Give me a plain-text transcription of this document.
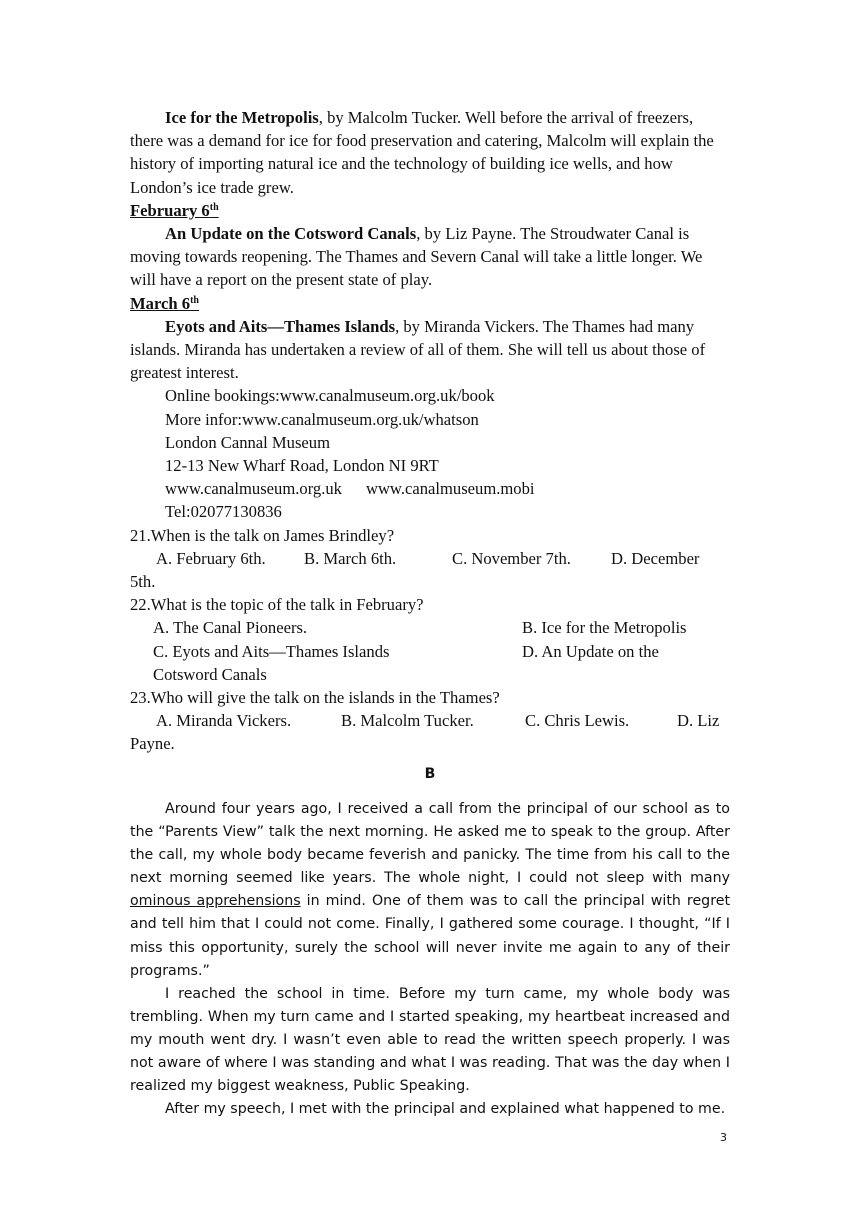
Ice for the Metropolis, by Malcolm Tucker. Well before the arrival of freezers, there was a demand for ice for food preservation and catering, Malcolm will explain the history of importing natural ice and the technology of building ice wells, and how London’s ice trade grew.

February 6th

An Update on the Cotsword Canals, by Liz Payne. The Stroudwater Canal is moving towards reopening. The Thames and Severn Canal will take a little longer. We will have a report on the present state of play.

March 6th

Eyots and Aits—Thames Islands, by Miranda Vickers. The Thames had many islands. Miranda has undertaken a review of all of them. She will tell us about those of greatest interest.

Online bookings:www.canalmuseum.org.uk/book

More infor:www.canalmuseum.org.uk/whatson

London Cannal Museum

12-13 New Wharf Road, London NI 9RT

www.canalmuseum.org.uk www.canalmuseum.mobi

Tel:02077130836

21.When is the talk on James Brindley?

A. February 6th.	B. March 6th.	C. November 7th.	D. December

5th.

22.What is the topic of the talk in February?

A. The Canal Pioneers.	B. Ice for the Metropolis
C. Eyots and Aits—Thames Islands	D. An Update on the

Cotsword Canals

23.Who will give the talk on the islands in the Thames?

A. Miranda Vickers.	B. Malcolm Tucker.	C. Chris Lewis.	D. Liz

Payne.

B

Around four years ago, I received a call from the principal of our school as to the “Parents View” talk the next morning. He asked me to speak to the group. After the call, my whole body became feverish and panicky. The time from his call to the next morning seemed like years. The whole night, I could not sleep with many ominous apprehensions in mind. One of them was to call the principal with regret and tell him that I could not come. Finally, I gathered some courage. I thought, “If I miss this opportunity, surely the school will never invite me again to any of their programs.”

I reached the school in time. Before my turn came, my whole body was trembling. When my turn came and I started speaking, my heartbeat increased and my mouth went dry. I wasn’t even able to read the written speech properly. I was not aware of where I was standing and what I was reading. That was the day when I realized my biggest weakness, Public Speaking.

After my speech, I met with the principal and explained what happened to me.

3
